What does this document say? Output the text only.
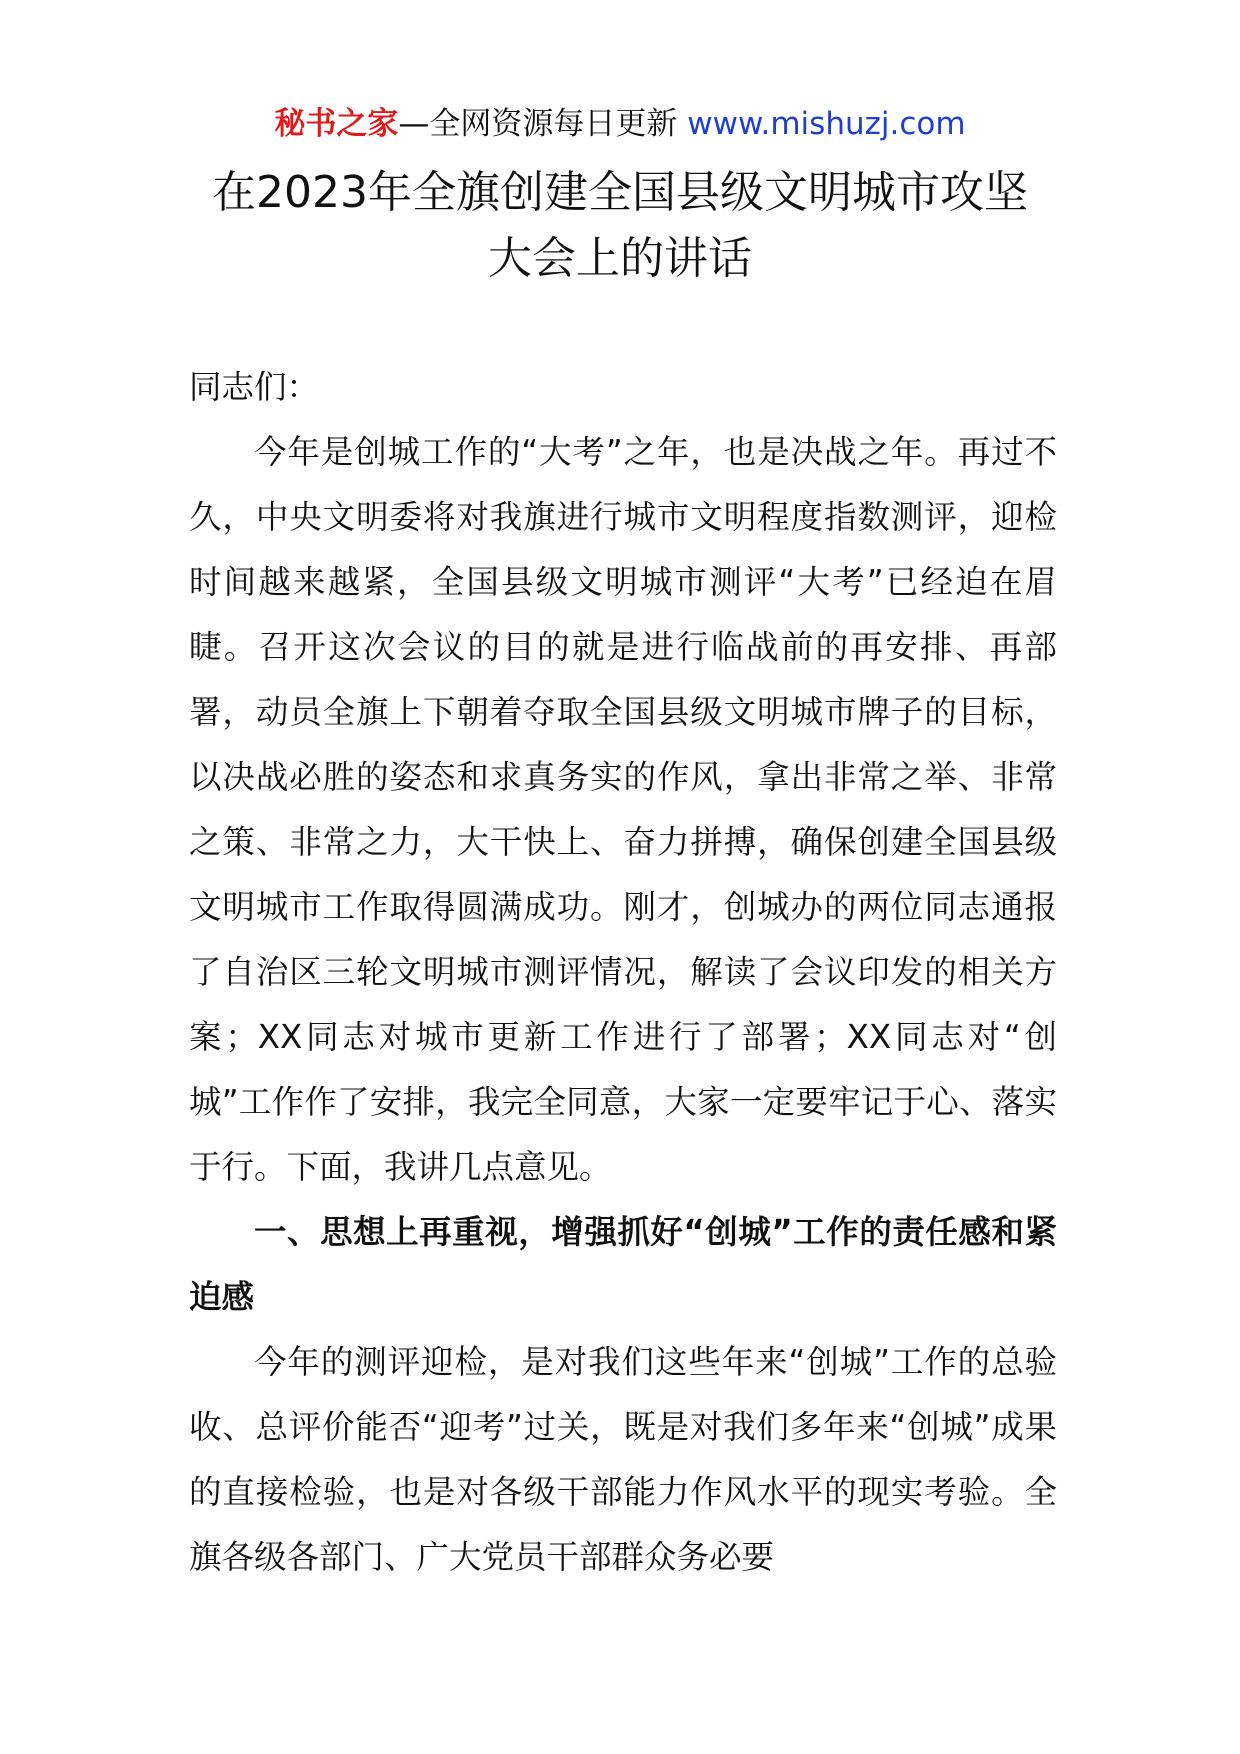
秘书之家—全网资源每日更新 www.mishuzj.com
在2023年全旗创建全国县级文明城市攻坚
大会上的讲话

同志们：

今年是创城工作的“大考”之年，也是决战之年。再过不久，中央文明委将对我旗进行城市文明程度指数测评，迎检时间越来越紧，全国县级文明城市测评“大考”已经迫在眉睫。召开这次会议的目的就是进行临战前的再安排、再部署，动员全旗上下朝着夺取全国县级文明城市牌子的目标，以决战必胜的姿态和求真务实的作风，拿出非常之举、非常之策、非常之力，大干快上、奋力拼搏，确保创建全国县级文明城市工作取得圆满成功。刚才，创城办的两位同志通报了自治区三轮文明城市测评情况，解读了会议印发的相关方案；XX同志对城市更新工作进行了部署；XX同志对“创城”工作作了安排，我完全同意，大家一定要牢记于心、落实于行。下面，我讲几点意见。

一、思想上再重视，增强抓好“创城”工作的责任感和紧迫感

今年的测评迎检，是对我们这些年来“创城”工作的总验收、总评价能否“迎考”过关，既是对我们多年来“创城”成果的直接检验，也是对各级干部能力作风水平的现实考验。全旗各级各部门、广大党员干部群众务必要
